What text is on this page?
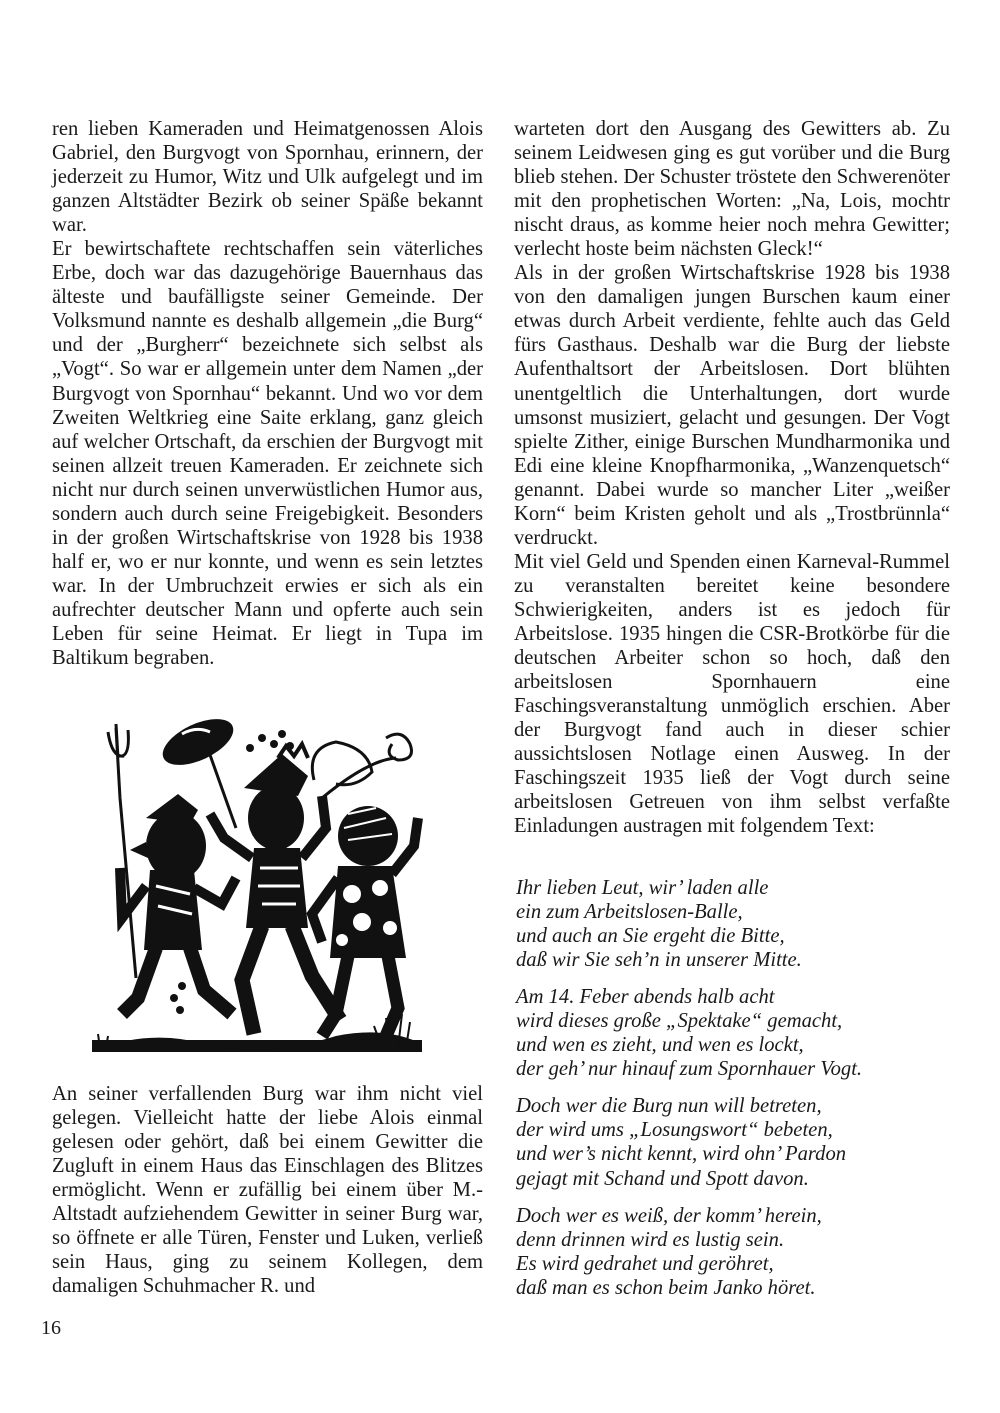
ren lieben Kameraden und Heimatgenossen Alois Gabriel, den Burgvogt von Spornhau, erinnern, der jederzeit zu Humor, Witz und Ulk aufgelegt und im ganzen Altstädter Bezirk ob seiner Späße bekannt war.

Er bewirtschaftete rechtschaffen sein väterliches Erbe, doch war das dazugehörige Bauernhaus das älteste und baufälligste seiner Gemeinde. Der Volksmund nannte es deshalb allgemein „die Burg“ und der „Burgherr“ bezeichnete sich selbst als „Vogt“. So war er allgemein unter dem Namen „der Burgvogt von Spornhau“ bekannt. Und wo vor dem Zweiten Weltkrieg eine Saite erklang, ganz gleich auf welcher Ortschaft, da erschien der Burgvogt mit seinen allzeit treuen Kameraden. Er zeichnete sich nicht nur durch seinen unverwüstlichen Humor aus, sondern auch durch seine Freigebigkeit. Besonders in der großen Wirtschaftskrise von 1928 bis 1938 half er, wo er nur konnte, und wenn es sein letztes war. In der Umbruchzeit erwies er sich als ein aufrechter deutscher Mann und opferte auch sein Leben für seine Heimat. Er liegt in Tupa im Baltikum begraben.

An seiner verfallenden Burg war ihm nicht viel gelegen. Vielleicht hatte der liebe Alois einmal gelesen oder gehört, daß bei einem Gewitter die Zugluft in einem Haus das Einschlagen des Blitzes ermöglicht. Wenn er zufällig bei einem über M.-Altstadt aufziehendem Gewitter in seiner Burg war, so öffnete er alle Türen, Fenster und Luken, verließ sein Haus, ging zu seinem Kollegen, dem damaligen Schuhmacher R. und

warteten dort den Ausgang des Gewitters ab. Zu seinem Leidwesen ging es gut vorüber und die Burg blieb stehen. Der Schuster tröstete den Schwerenöter mit den prophetischen Worten: „Na, Lois, mochtr nischt draus, as komme heier noch mehra Gewitter; verlecht hoste beim nächsten Gleck!“

Als in der großen Wirtschaftskrise 1928 bis 1938 von den damaligen jungen Burschen kaum einer etwas durch Arbeit verdiente, fehlte auch das Geld fürs Gasthaus. Deshalb war die Burg der liebste Aufenthaltsort der Arbeitslosen. Dort blühten unentgeltlich die Unterhaltungen, dort wurde umsonst musiziert, gelacht und gesungen. Der Vogt spielte Zither, einige Burschen Mundharmonika und Edi eine kleine Knopfharmonika, „Wanzenquetsch“ genannt. Dabei wurde so mancher Liter „weißer Korn“ beim Kristen geholt und als „Trostbrünnla“ verdruckt.

Mit viel Geld und Spenden einen Karneval-Rummel zu veranstalten bereitet keine besondere Schwierigkeiten, anders ist es jedoch für Arbeitslose. 1935 hingen die CSR-Brotkörbe für die deutschen Arbeiter schon so hoch, daß den arbeitslosen Spornhauern eine Faschingsveranstaltung unmöglich erschien. Aber der Burgvogt fand auch in dieser schier aussichtslosen Notlage einen Ausweg. In der Faschingszeit 1935 ließ der Vogt durch seine arbeitslosen Getreuen von ihm selbst verfaßte Einladungen austragen mit folgendem Text:

Ihr lieben Leut, wir’ laden alle
ein zum Arbeitslosen-Balle,
und auch an Sie ergeht die Bitte,
daß wir Sie seh’n in unserer Mitte.
Am 14. Feber abends halb acht
wird dieses große „Spektake“ gemacht,
und wen es zieht, und wen es lockt,
der geh’ nur hinauf zum Spornhauer Vogt.
Doch wer die Burg nun will betreten,
der wird ums „Losungswort“ bebeten,
und wer’s nicht kennt, wird ohn’ Pardon
gejagt mit Schand und Spott davon.
Doch wer es weiß, der komm’ herein,
denn drinnen wird es lustig sein.
Es wird gedrahet und geröhret,
daß man es schon beim Janko höret.
16
